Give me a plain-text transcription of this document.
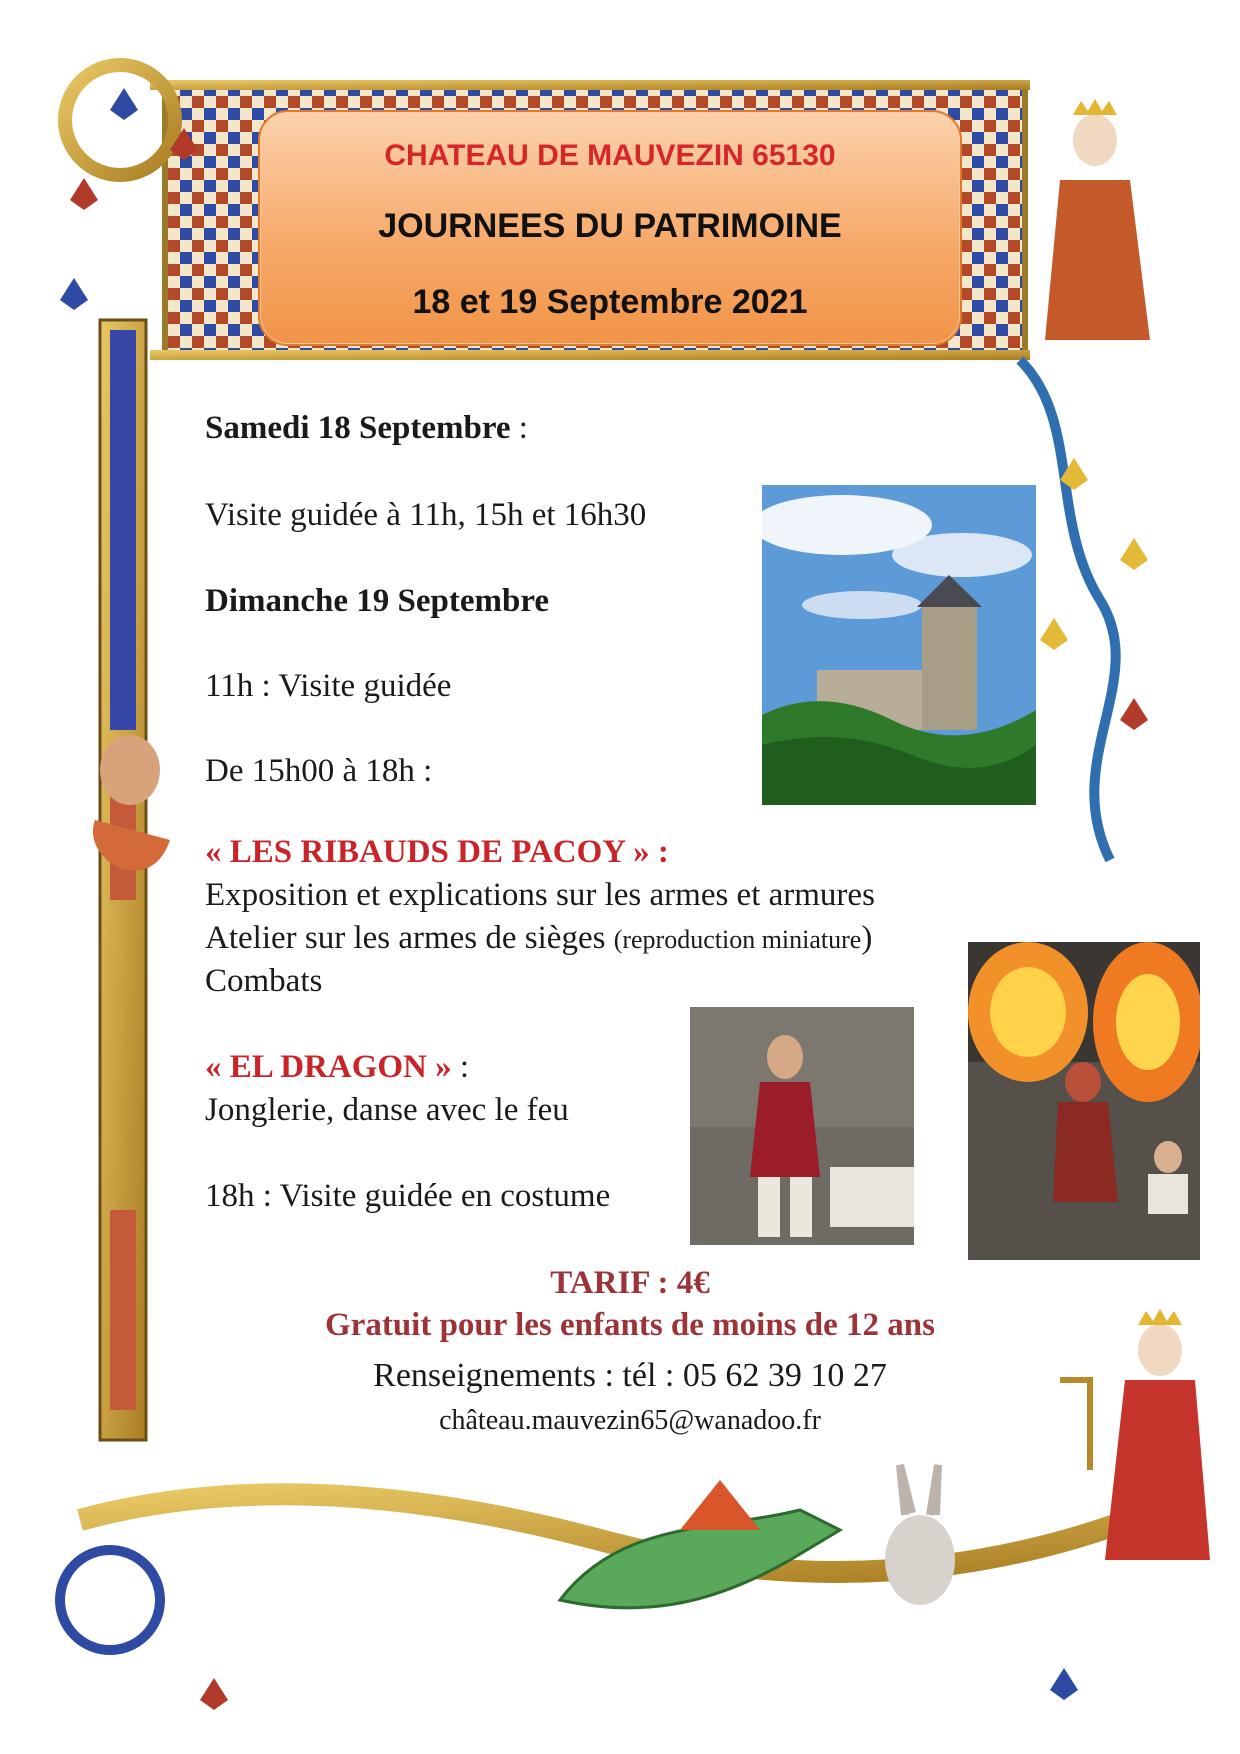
CHATEAU DE MAUVEZIN 65130
JOURNEES DU PATRIMOINE
18 et 19 Septembre 2021
Samedi 18 Septembre :
Visite guidée à 11h, 15h et 16h30
Dimanche 19 Septembre
11h : Visite guidée
De 15h00 à 18h :
« LES RIBAUDS DE PACOY » :
Exposition et explications sur les armes et armures
Atelier sur les armes de sièges (reproduction miniature)
Combats
« EL DRAGON » :
Jonglerie, danse avec le feu
18h : Visite guidée en costume
TARIF : 4€
Gratuit pour les enfants de moins de 12 ans
Renseignements : tél : 05 62 39 10 27
château.mauvezin65@wanadoo.fr
